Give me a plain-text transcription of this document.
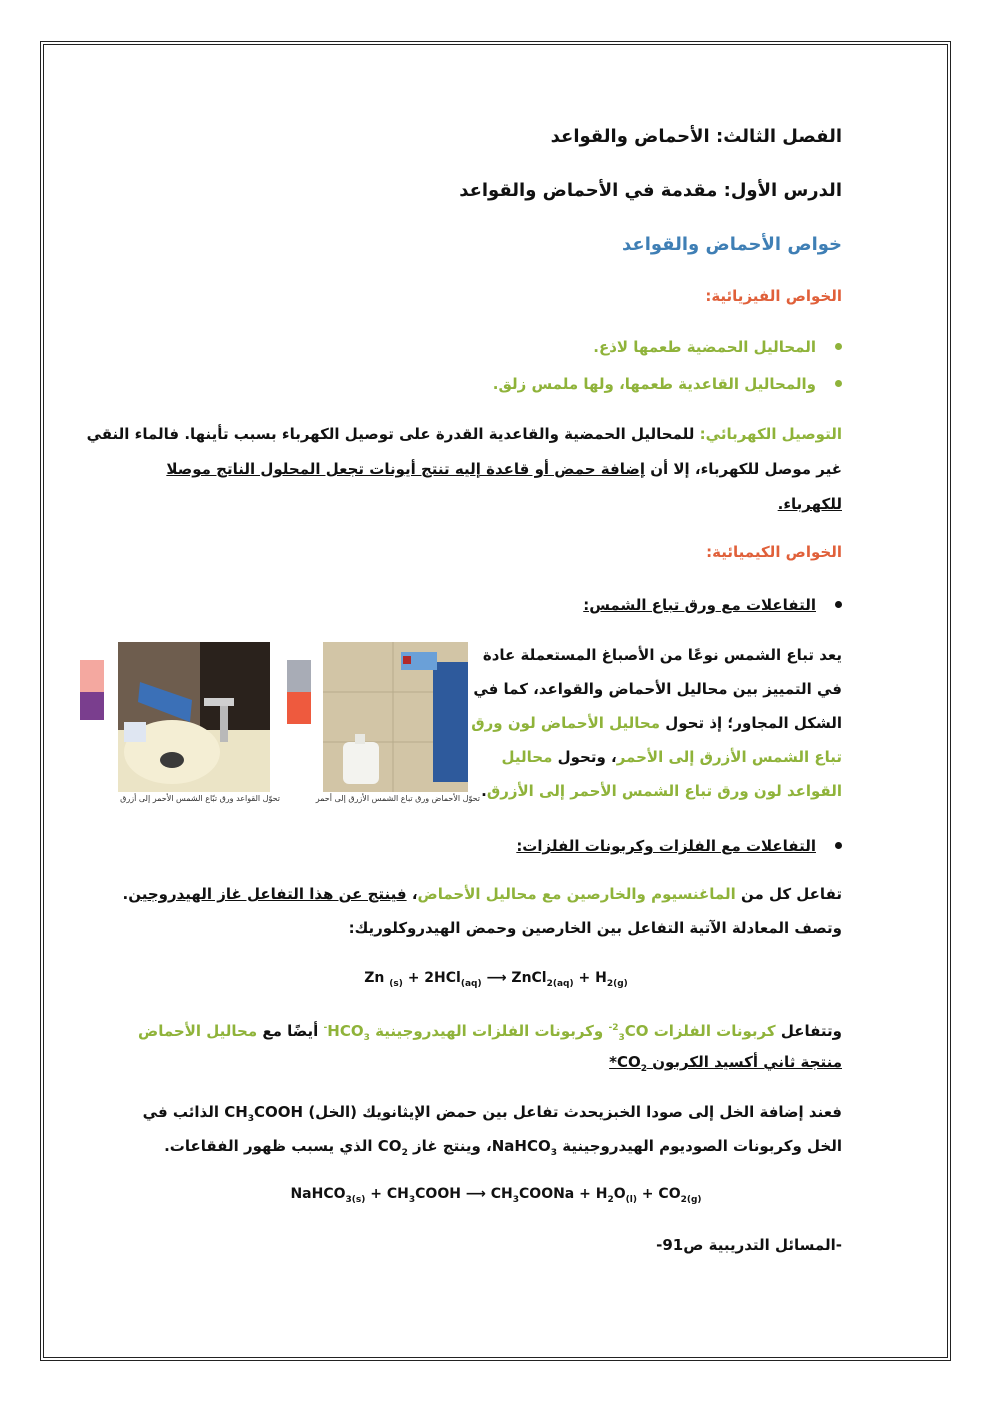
الفصل الثالث: الأحماض والقواعد
الدرس الأول: مقدمة في الأحماض والقواعد
خواص الأحماض والقواعد
الخواص الفيزيائية:
المحاليل الحمضية طعمها لاذع.
والمحاليل القاعدية طعمها، ولها ملمس زلق.
التوصيل الكهربائي: للمحاليل الحمضية والقاعدية القدرة على توصيل الكهرباء بسبب تأينها. فالماء النقي
غير موصل للكهرباء، إلا أن إضافة حمض أو قاعدة إليه تنتج أيونات تجعل المحلول الناتج موصلا
للكهرباء.
الخواص الكيميائية:
التفاعلات مع ورق تباع الشمس:
يعد تباع الشمس نوعًا من الأصباغ المستعملة عادة
في التمييز بين محاليل الأحماض والقواعد، كما في
الشكل المجاور؛ إذ تحول محاليل الأحماض لون ورق
تباع الشمس الأزرق إلى الأحمر، وتحول محاليل
القواعد لون ورق تباع الشمس الأحمر إلى الأزرق.
تحوّل القواعد ورق تبّاع الشمس الأحمر إلى أزرق	تحوّل الأحماض ورق تباع الشمس الأزرق إلى أحمر
التفاعلات مع الفلزات وكربونات الفلزات:
تفاعل كل من الماغنسيوم والخارصين مع محاليل الأحماض، فينتج عن هذا التفاعل غاز الهيدروجين.
وتصف المعادلة الآتية التفاعل بين الخارصين وحمض الهيدروكلوريك:
Zn $_{(s)}$ + 2HCl$_{(aq)}$ ⟶ ZnCl$_{2(aq)}$ + $H_{2(g)}$
وتتفاعل كربونات الفلزات $CO_3^{-2}$ وكربونات الفلزات الهيدروجينية $HCO_3^-$ أيضًا مع محاليل الأحماض
منتجة ثاني أكسيد الكربون $CO_2*$
فعند إضافة الخل إلى صودا الخبزيحدث تفاعل بين حمض الإيثانويك (الخل) $CH_3COOH$ الذائب في
الخل وكربونات الصوديوم الهيدروجينية NaHCO$_3$، وينتج غاز $CO_2$ الذي يسبب ظهور الفقاعات.
NaHCO$_{3(s)}$ + $CH_3COOH$ ⟶ $CH_3COONa + H_2O_{(l)} + CO_{2(g)}$
-المسائل التدريبية ص91-
